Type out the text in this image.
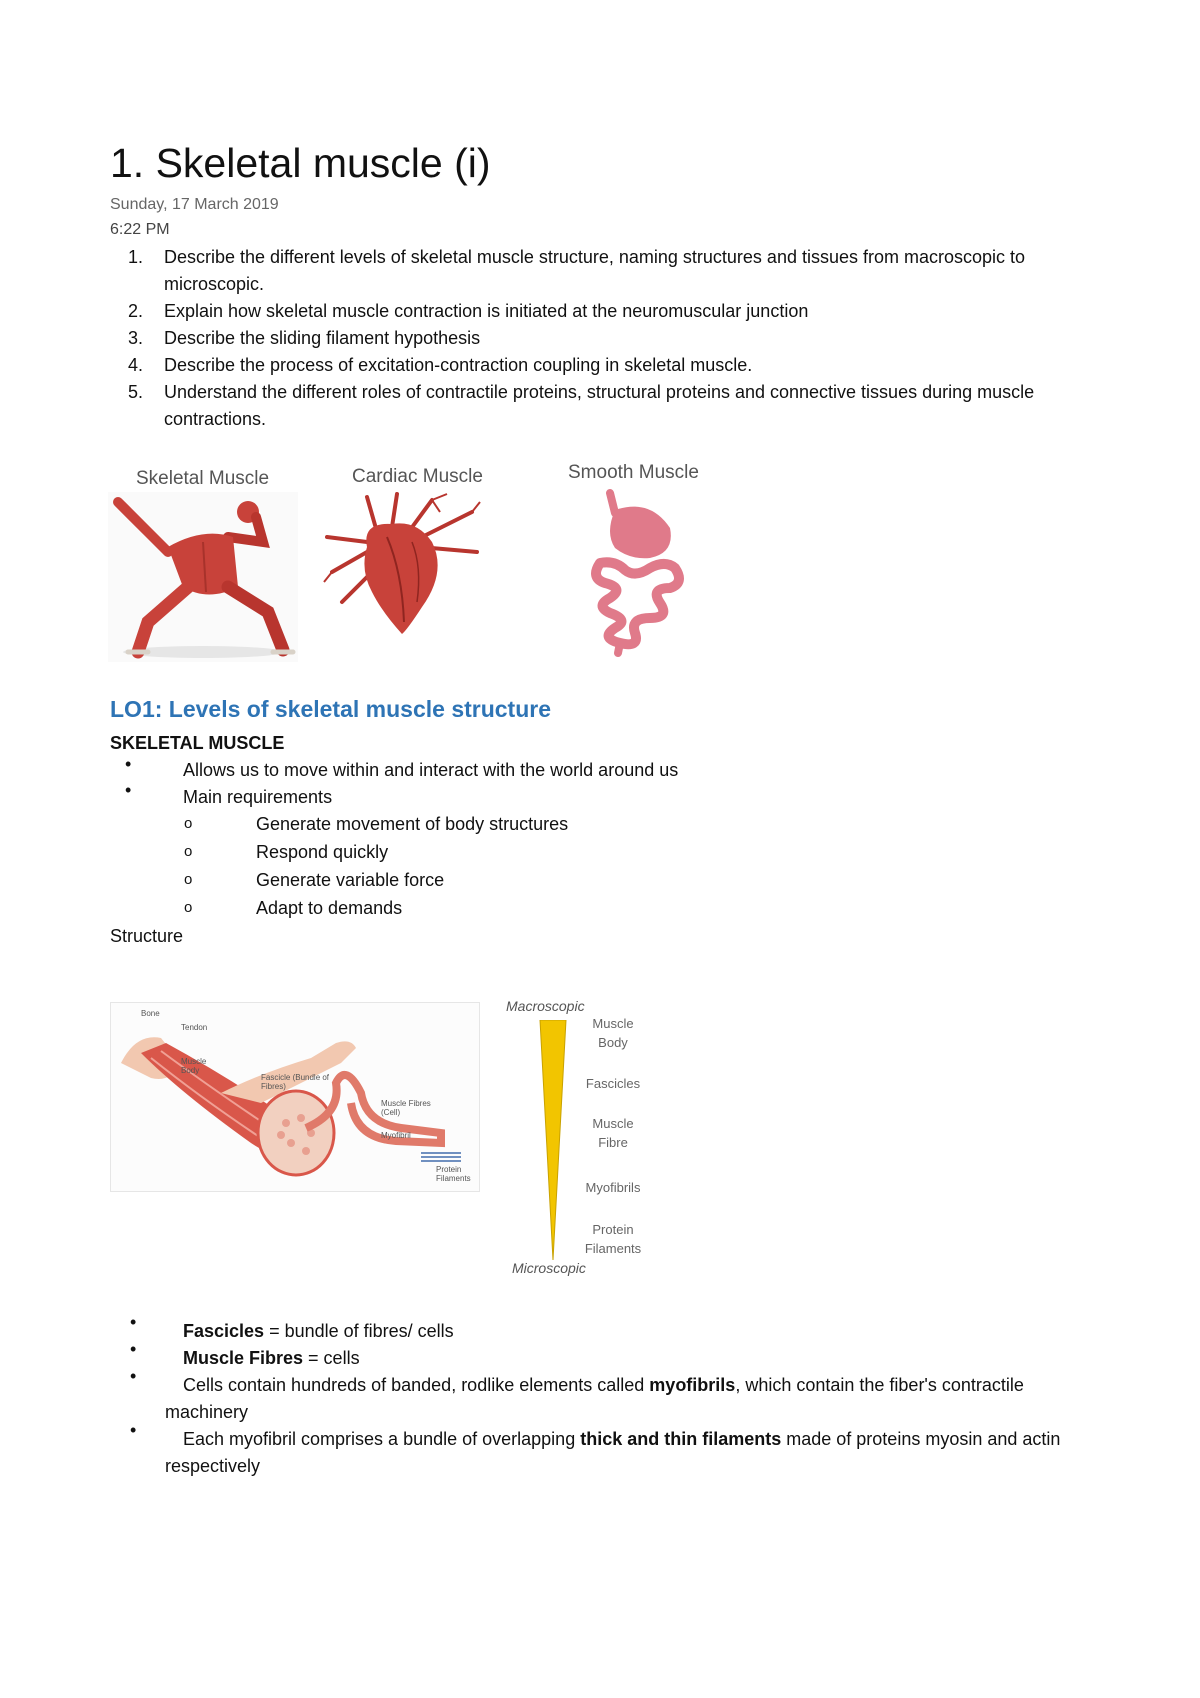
1. Skeletal muscle (i)
Sunday, 17 March 2019
6:22 PM
1. Describe the different levels of skeletal muscle structure, naming structures and tissues from macroscopic to microscopic.
2. Explain how skeletal muscle contraction is initiated at the neuromuscular junction
3. Describe the sliding filament hypothesis
4. Describe the process of excitation-contraction coupling in skeletal muscle.
5. Understand the different roles of contractile proteins, structural proteins and connective tissues during muscle contractions.
Skeletal Muscle	Cardiac Muscle	Smooth Muscle
LO1: Levels of skeletal muscle structure
SKELETAL MUSCLE
•	Allows us to move within and interact with the world around us
•	Main requirements
o	Generate movement of body structures
o	Respond quickly
o	Generate variable force
o	Adapt to demands
Structure
Bone
Tendon
Muscle Body
Fascicle (Bundle of Fibres)
Muscle Fibres (Cell)
Myofibril
Protein Filaments
Macroscopic
Microscopic
Muscle Body
Fascicles
Muscle Fibre
Myofibrils
Protein Filaments
•	Fascicles = bundle of fibres/ cells
•	Muscle Fibres = cells
•	Cells contain hundreds of banded, rodlike elements called myofibrils, which contain the fiber's contractile machinery
•	Each myofibril comprises a bundle of overlapping thick and thin filaments made of proteins myosin and actin respectively
